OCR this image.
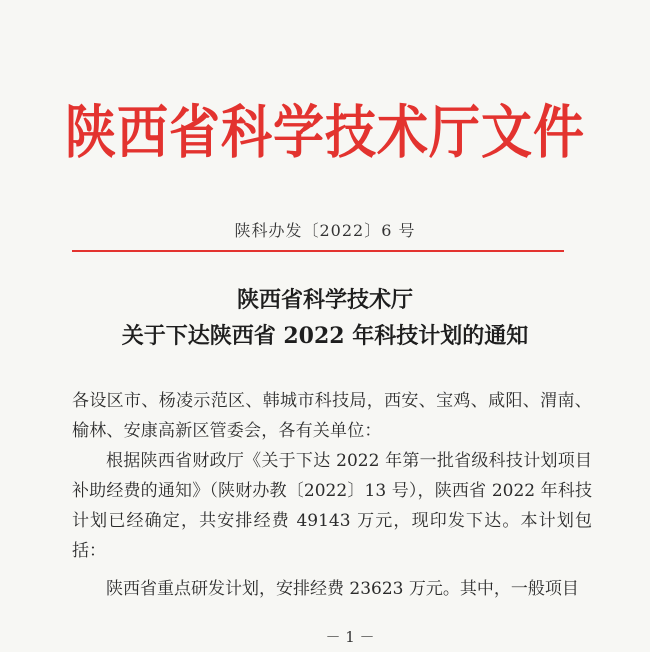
陕西省科学技术厅文件
陕科办发〔2022〕6 号
陕西省科学技术厅
关于下达陕西省 2022 年科技计划的通知

各设区市、杨凌示范区、韩城市科技局，西安、宝鸡、咸阳、渭南、榆林、安康高新区管委会，各有关单位：

根据陕西省财政厅《关于下达 2022 年第一批省级科技计划项目补助经费的通知》（陕财办教〔2022〕13 号），陕西省 2022 年科技计划已经确定，共安排经费 49143 万元，现印发下达。本计划包括：

陕西省重点研发计划，安排经费 23623 万元。其中，一般项目

－ 1 －
